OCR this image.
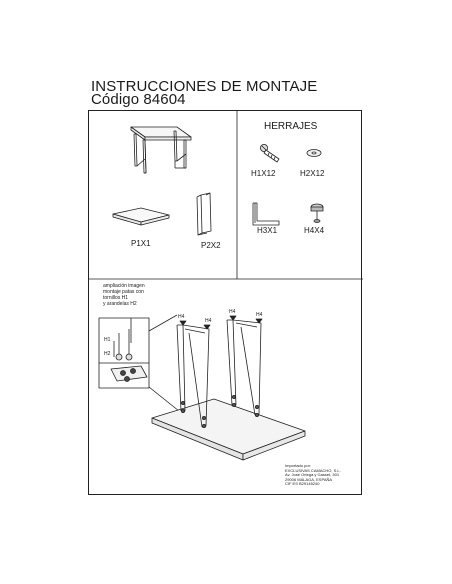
INSTRUCCIONES DE MONTAJE
Código 84604
HERRAJES
H1X12	H2X12
H3X1	H4X4
P1X1	P2X2
ampliación imagen
montaje patas con
tornillos H1
y arandelas H2
H1
H2
H4
H4
H4	H4
Importado por:
EXCLUSIVAS CAMACHO, S.L.
Av. José Ortega y Gasset, 301
29006 MÁLAGA, ESPAÑA
CIF ES B29145240
